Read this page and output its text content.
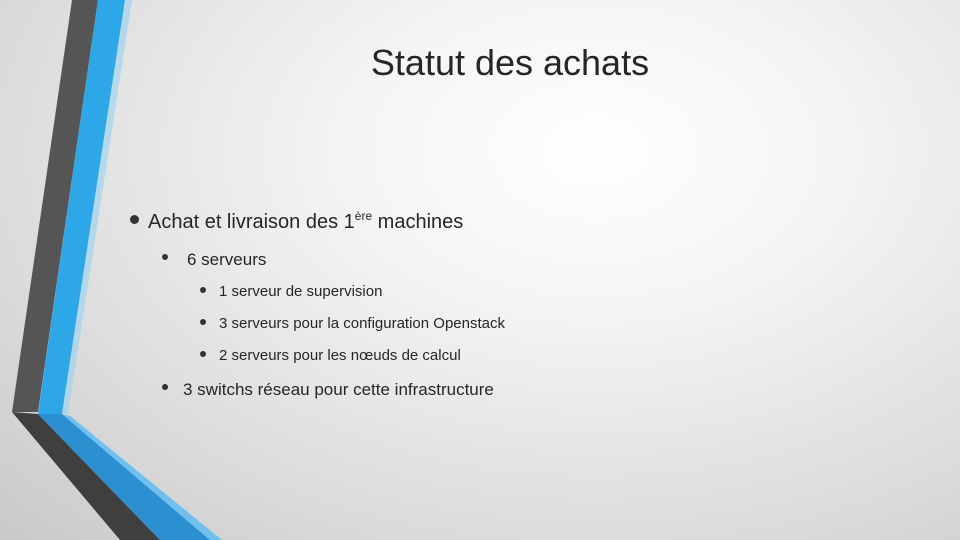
Statut des achats
Achat et livraison des 1ère machines
6 serveurs
1 serveur de supervision
3 serveurs pour la configuration Openstack
2 serveurs pour les nœuds de calcul
3 switchs réseau pour cette infrastructure
